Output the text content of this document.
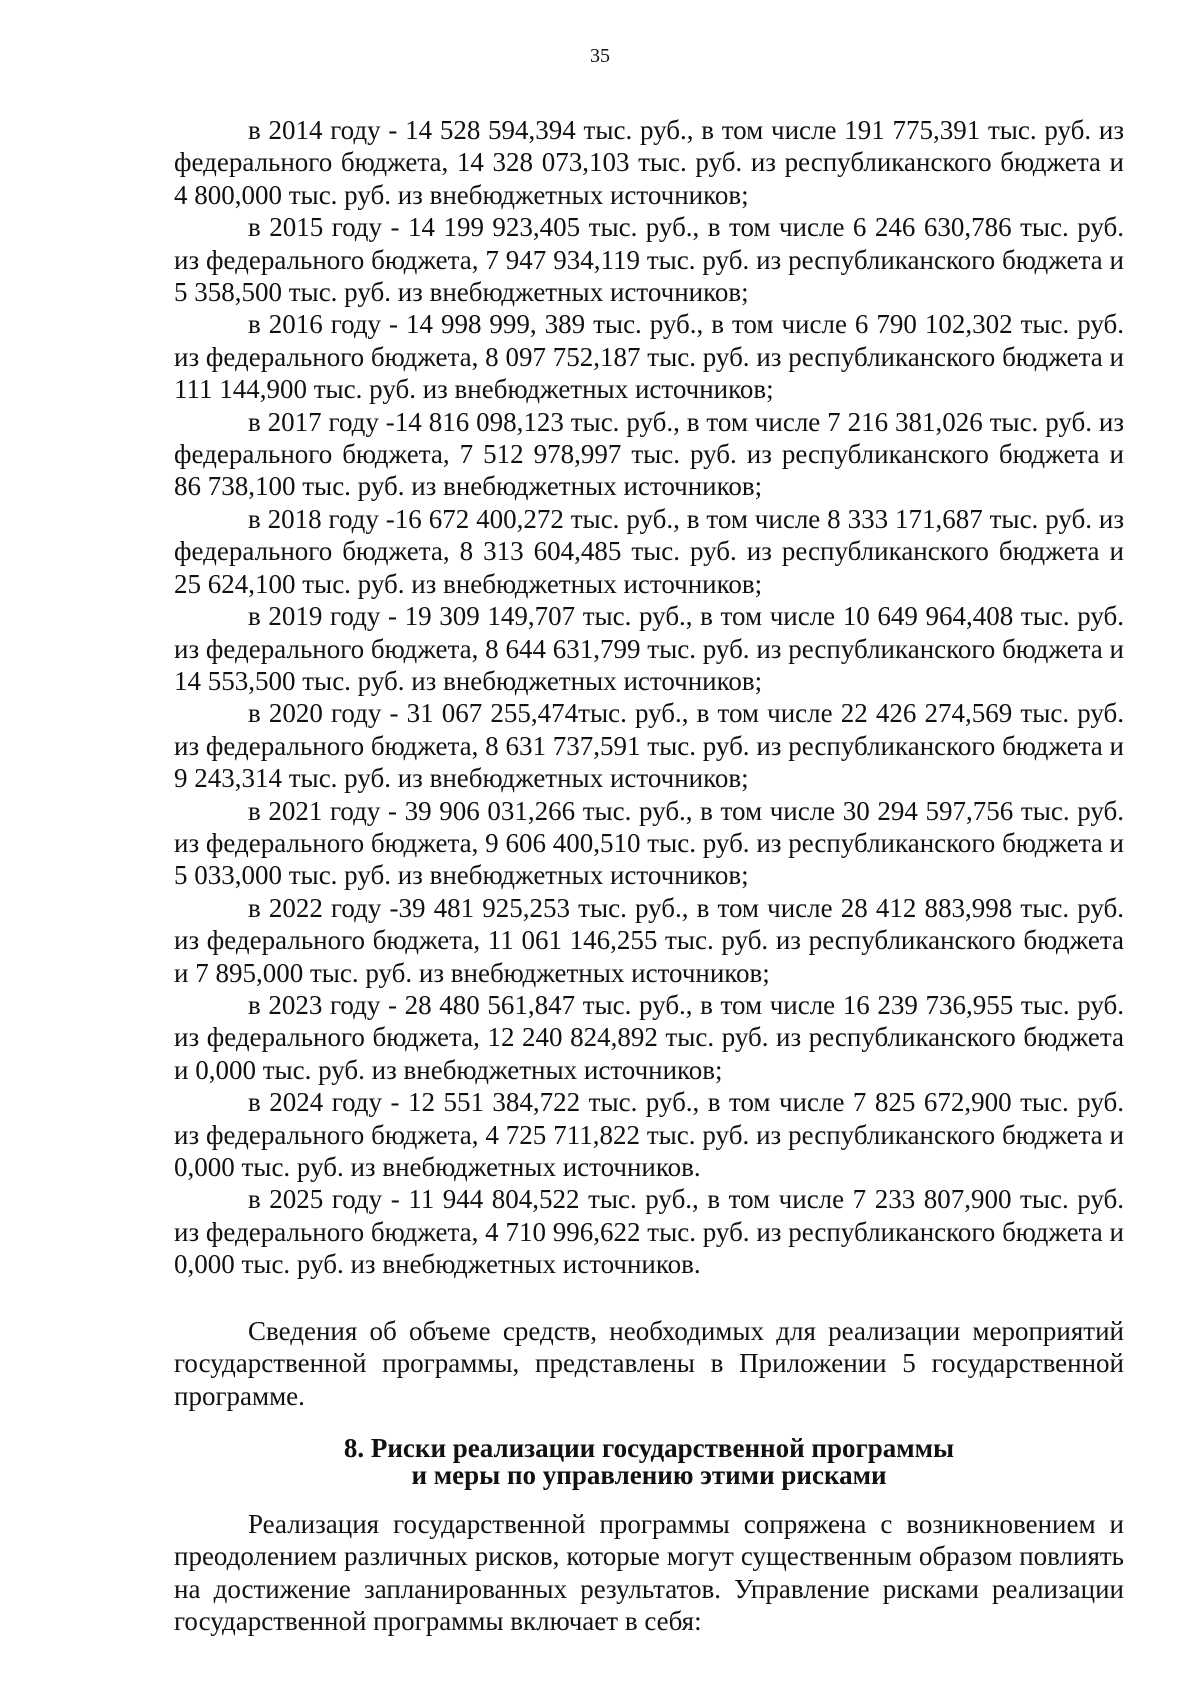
35

в 2014 году - 14 528 594,394 тыс. руб., в том числе 191 775,391 тыс. руб. из федерального бюджета, 14 328 073,103 тыс. руб. из республиканского бюджета и 4 800,000 тыс. руб. из внебюджетных источников;

в 2015 году - 14 199 923,405 тыс. руб., в том числе 6 246 630,786 тыс. руб. из федерального бюджета, 7 947 934,119 тыс. руб. из республиканского бюджета и 5 358,500 тыс. руб. из внебюджетных источников;

в 2016 году - 14 998 999, 389 тыс. руб., в том числе 6 790 102,302 тыс. руб. из федерального бюджета, 8 097 752,187 тыс. руб. из республиканского бюджета и 111 144,900 тыс. руб. из внебюджетных источников;

в 2017 году -14 816 098,123 тыс. руб., в том числе 7 216 381,026 тыс. руб. из федерального бюджета, 7 512 978,997 тыс. руб. из республиканского бюджета и 86 738,100 тыс. руб. из внебюджетных источников;

в 2018 году -16 672 400,272 тыс. руб., в том числе 8 333 171,687 тыс. руб. из федерального бюджета, 8 313 604,485 тыс. руб. из республиканского бюджета и 25 624,100 тыс. руб. из внебюджетных источников;

в 2019 году - 19 309 149,707 тыс. руб., в том числе 10 649 964,408 тыс. руб. из федерального бюджета, 8 644 631,799 тыс. руб. из республиканского бюджета и 14 553,500 тыс. руб. из внебюджетных источников;

в 2020 году - 31 067 255,474тыс. руб., в том числе 22 426 274,569 тыс. руб. из федерального бюджета, 8 631 737,591 тыс. руб. из республиканского бюджета и 9 243,314 тыс. руб. из внебюджетных источников;

в 2021 году - 39 906 031,266 тыс. руб., в том числе 30 294 597,756 тыс. руб. из федерального бюджета, 9 606 400,510 тыс. руб. из республиканского бюджета и 5 033,000 тыс. руб. из внебюджетных источников;

в 2022 году -39 481 925,253 тыс. руб., в том числе 28 412 883,998 тыс. руб. из федерального бюджета, 11 061 146,255 тыс. руб. из республиканского бюджета и 7 895,000 тыс. руб. из внебюджетных источников;

в 2023 году - 28 480 561,847 тыс. руб., в том числе 16 239 736,955 тыс. руб. из федерального бюджета, 12 240 824,892 тыс. руб. из республиканского бюджета и 0,000 тыс. руб. из внебюджетных источников;

в 2024 году - 12 551 384,722 тыс. руб., в том числе 7 825 672,900 тыс. руб. из федерального бюджета, 4 725 711,822 тыс. руб. из республиканского бюджета и 0,000 тыс. руб. из внебюджетных источников.

в 2025 году - 11 944 804,522 тыс. руб., в том числе 7 233 807,900 тыс. руб. из федерального бюджета, 4 710 996,622 тыс. руб. из республиканского бюджета и 0,000 тыс. руб. из внебюджетных источников.

Сведения об объеме средств, необходимых для реализации мероприятий государственной программы, представлены в Приложении 5 государственной программе.

8. Риски реализации государственной программы
и меры по управлению этими рисками

Реализация государственной программы сопряжена с возникновением и преодолением различных рисков, которые могут существенным образом повлиять на достижение запланированных результатов. Управление рисками реализации государственной программы включает в себя:
